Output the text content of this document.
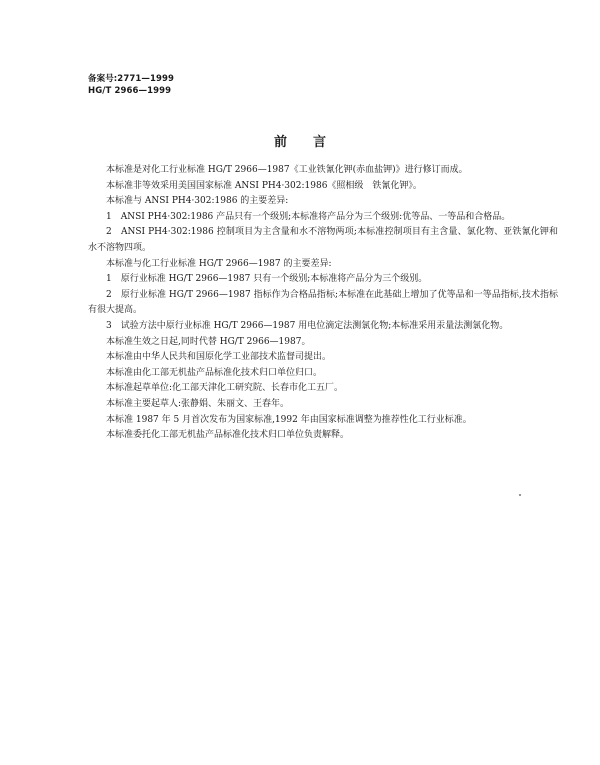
备案号:2771—1999
HG/T 2966—1999
前言

本标准是对化工行业标准 HG/T 2966—1987《工业铁氰化钾(赤血盐钾)》进行修订而成。

本标准非等效采用美国国家标准 ANSI PH4·302:1986《照相级　铁氰化钾》。

本标准与 ANSI PH4·302:1986 的主要差异:

1　ANSI PH4·302:1986 产品只有一个级别;本标准将产品分为三个级别:优等品、一等品和合格品。

2　ANSI PH4·302:1986 控制项目为主含量和水不溶物两项;本标准控制项目有主含量、氯化物、亚铁氰化钾和水不溶物四项。

本标准与化工行业标准 HG/T 2966—1987 的主要差异:

1　原行业标准 HG/T 2966—1987 只有一个级别;本标准将产品分为三个级别。

2　原行业标准 HG/T 2966—1987 指标作为合格品指标;本标准在此基础上增加了优等品和一等品指标,技术指标有很大提高。

3　试验方法中原行业标准 HG/T 2966—1987 用电位滴定法测氯化物;本标准采用汞量法测氯化物。

本标准生效之日起,同时代替 HG/T 2966—1987。

本标准由中华人民共和国原化学工业部技术监督司提出。

本标准由化工部无机盐产品标准化技术归口单位归口。

本标准起草单位:化工部天津化工研究院、长春市化工五厂。

本标准主要起草人:张静娟、朱丽文、王春年。

本标准 1987 年 5 月首次发布为国家标准,1992 年由国家标准调整为推荐性化工行业标准。

本标准委托化工部无机盐产品标准化技术归口单位负责解释。
